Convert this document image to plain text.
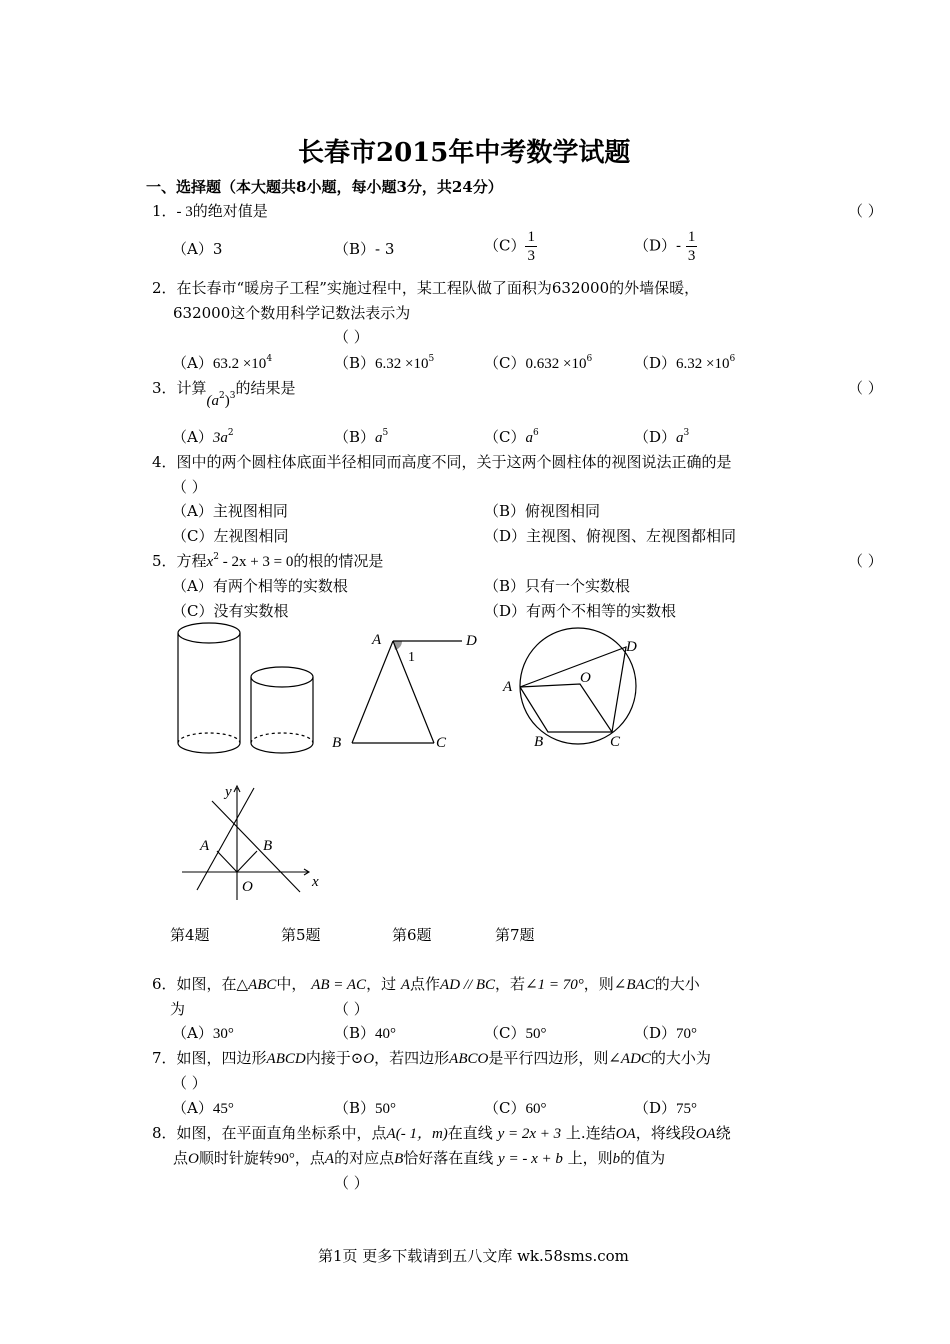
长春市2015年中考数学试题
一、选择题（本大题共8小题，每小题3分，共24分）
1．- 3的绝对值是	（ ）
（A）3	（B）- 3	$(C) \frac{1}{3}$	$(D)- \frac{1}{3}$
2．在长春市“暖房子工程”实施过程中，某工程队做了面积为632000的外墙保暖，
632000这个数用科学记数法表示为
（ ）
$(A)63.2 \times 10^4$	$(B)6.32 \times 10^5$	$(C)0.632 \times 10^6$	$(D)6.32 \times 10^6$
3．计算$(a^2)^3$的结果是	（ ）
$(A)3a^2$	$(B)a^5$	$(C)a^6$	$(D)a^3$
4．图中的两个圆柱体底面半径相同而高度不同，关于这两个圆柱体的视图说法正确的是
（ ）
（A）主视图相同	（B）俯视图相同
（C）左视图相同	（D）主视图、俯视图、左视图都相同
5．方程$x^2 - 2x + 3 = 0$的根的情况是	（ ）
（A）有两个相等的实数根	（B）只有一个实数根
（C）没有实数根	（D）有两个不相等的实数根
A	D
1
B	C
A
D
O
B	C
y
x
A	B
O
第4题	第5题	第6题	第7题
6．如图，在△ABC中， AB = AC，过 A点作AD // BC，若∠1 = 70°，则∠BAC的大小
为	（ ）
（A）30°	（B）40°	（C）50°	（D）70°
7．如图，四边形ABCD内接于⊙O，若四边形ABCO是平行四边形，则∠ADC的大小为
（ ）
（A）45°	（B）50°	（C）60°	（D）75°
8．如图，在平面直角坐标系中，点A(- 1，m)在直线 y = 2x + 3 上.连结OA，将线段OA绕
点O顺时针旋转90°，点A的对应点B恰好落在直线 y = - x + b 上，则b的值为
（ ）
第1页 更多下载请到五八文库 wk.58sms.com
